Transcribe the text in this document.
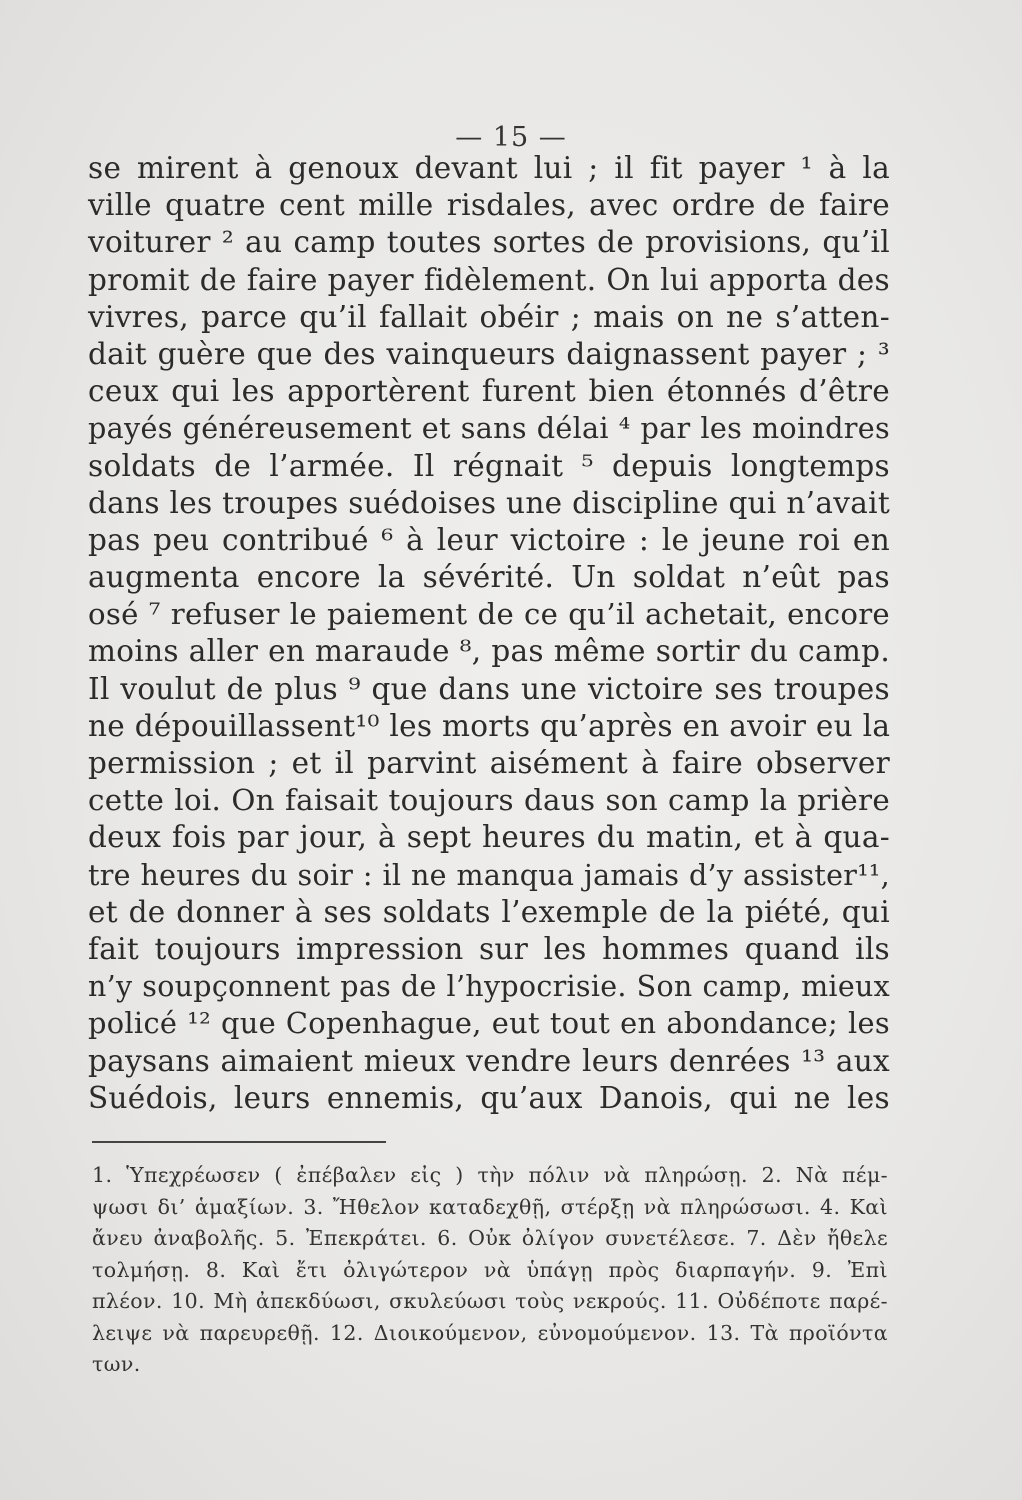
— 15 —
se mirent à genoux devant lui ; il fit payer ¹ à la
ville quatre cent mille risdales, avec ordre de faire
voiturer ² au camp toutes sortes de provisions, qu’il
promit de faire payer fidèlement. On lui apporta des
vivres, parce qu’il fallait obéir ; mais on ne s’atten-
dait guère que des vainqueurs daignassent payer ; ³
ceux qui les apportèrent furent bien étonnés d’être
payés généreusement et sans délai ⁴ par les moindres
soldats de l’armée. Il régnait ⁵ depuis longtemps
dans les troupes suédoises une discipline qui n’avait
pas peu contribué ⁶ à leur victoire : le jeune roi en
augmenta encore la sévérité. Un soldat n’eût pas
osé ⁷ refuser le paiement de ce qu’il achetait, encore
moins aller en maraude ⁸, pas même sortir du camp.
Il voulut de plus ⁹ que dans une victoire ses troupes
ne dépouillassent¹⁰ les morts qu’après en avoir eu la
permission ; et il parvint aisément à faire observer
cette loi. On faisait toujours daus son camp la prière
deux fois par jour, à sept heures du matin, et à qua-
tre heures du soir : il ne manqua jamais d’y assister¹¹,
et de donner à ses soldats l’exemple de la piété, qui
fait toujours impression sur les hommes quand ils
n’y soupçonnent pas de l’hypocrisie. Son camp, mieux
policé ¹² que Copenhague, eut tout en abondance; les
paysans aimaient mieux vendre leurs denrées ¹³ aux
Suédois, leurs ennemis, qu’aux Danois, qui ne les
1. Ὑπεχρέωσεν ( ἐπέβαλεν εἰς ) τὴν πόλιν νὰ πληρώσῃ. 2. Νὰ πέμ-
ψωσι δι’ ἁμαξίων. 3. Ἤθελον καταδεχθῇ, στέρξῃ νὰ πληρώσωσι. 4. Καὶ
ἄνευ ἀναβολῆς. 5. Ἐπεκράτει. 6. Οὐκ ὀλίγον συνετέλεσε. 7. Δὲν ἤθελε
τολμήσῃ. 8. Καὶ ἔτι ὀλιγώτερον νὰ ὑπάγῃ πρὸς διαρπαγήν. 9. Ἐπὶ
πλέον. 10. Μὴ ἀπεκδύωσι, σκυλεύωσι τοὺς νεκρούς. 11. Οὐδέποτε παρέ-
λειψε νὰ παρευρεθῇ. 12. Διοικούμενον, εὐνομούμενον. 13. Τὰ προϊόντα
των.
